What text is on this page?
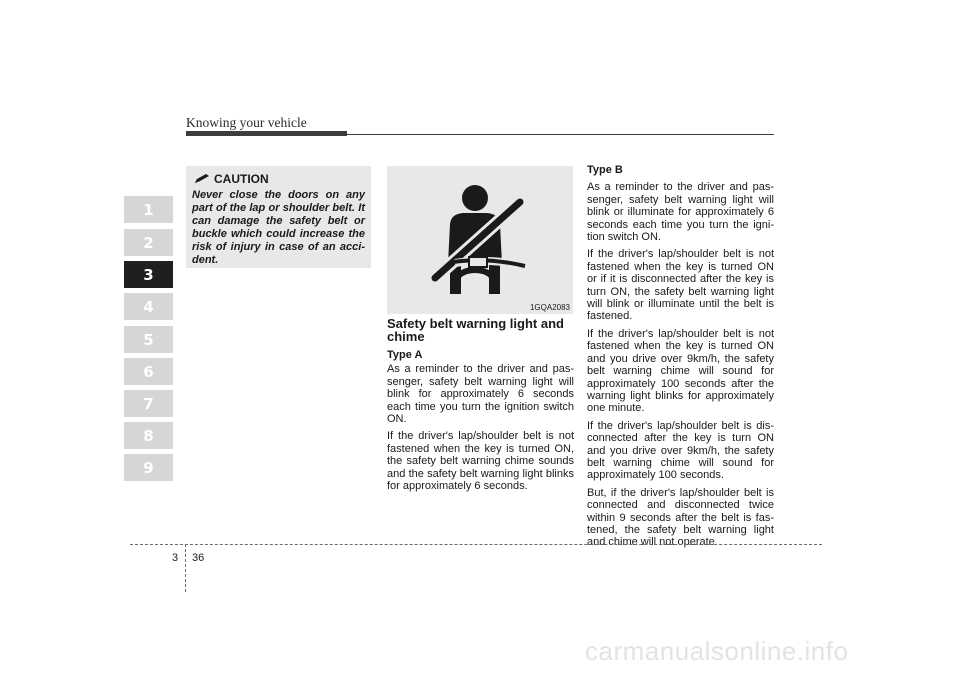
Knowing your vehicle
1
2
3
4
5
6
7
8
9
CAUTION
Never close the doors on any part of the lap or shoulder belt. It can damage the safety belt or buckle which could increase the risk of injury in case of an acci-dent.
1GQA2083
Safety belt warning light and chime
Type A

As a reminder to the driver and pas-senger, safety belt warning light will blink for approximately 6 seconds each time you turn the ignition switch ON.

If the driver's lap/shoulder belt is not fastened when the key is turned ON, the safety belt warning chime sounds and the safety belt warning light blinks for approximately 6 seconds.

Type B

As a reminder to the driver and pas-senger, safety belt warning light will blink or illuminate for approximately 6 seconds each time you turn the igni-tion switch ON.

If the driver's lap/shoulder belt is not fastened when the key is turned ON or if it is disconnected after the key is turn ON, the safety belt warning light will blink or illuminate until the belt is fastened.

If the driver's lap/shoulder belt is not fastened when the key is turned ON and you drive over 9km/h, the safety belt warning chime will sound for approximately 100 seconds after the warning light blinks for approximately one minute.

If the driver's lap/shoulder belt is dis-connected after the key is turn ON and you drive over 9km/h, the safety belt warning chime will sound for approximately 100 seconds.

But, if the driver's lap/shoulder belt is connected and disconnected twice within 9 seconds after the belt is fas-tened, the safety belt warning light and chime will not operate.

3 36
carmanualsonline.info
